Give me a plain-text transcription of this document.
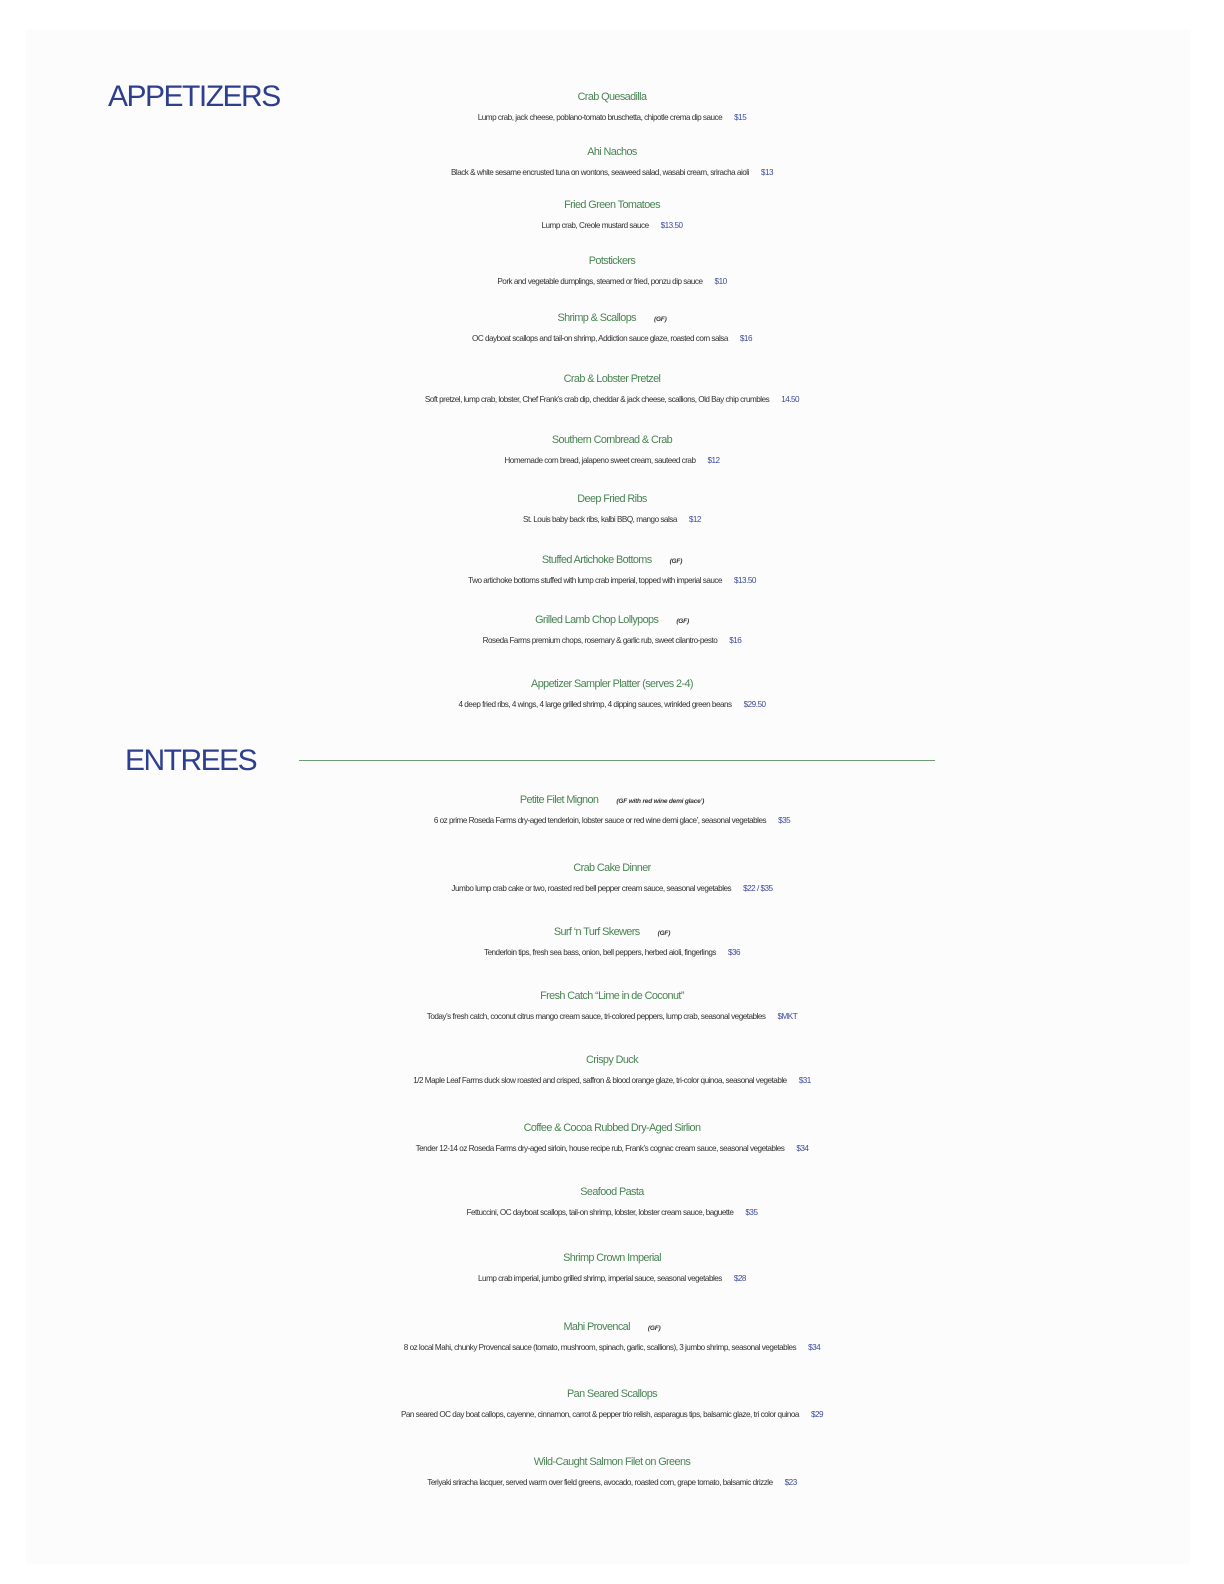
APPETIZERS
ENTREES
Crab Quesadilla
Lump crab, jack cheese, poblano-tomato bruschetta, chipotle crema dip sauce $15
Ahi Nachos
Black & white sesame encrusted tuna on wontons, seaweed salad, wasabi cream, sriracha aioli $13
Fried Green Tomatoes
Lump crab, Creole mustard sauce $13.50
Potstickers
Pork and vegetable dumplings, steamed or fried, ponzu dip sauce $10
Shrimp & Scallops	(GF)
OC dayboat scallops and tail-on shrimp, Addiction sauce glaze, roasted corn salsa $16
Crab & Lobster Pretzel
Soft pretzel, lump crab, lobster, Chef Frank’s crab dip, cheddar & jack cheese, scallions, Old Bay chip crumbles 14.50
Southern Cornbread & Crab
Homemade corn bread, jalapeno sweet cream, sauteed crab $12
Deep Fried Ribs
St. Louis baby back ribs, kalbi BBQ, mango salsa $12
Stuffed Artichoke Bottoms	(GF)
Two artichoke bottoms stuffed with lump crab imperial, topped with imperial sauce $13.50
Grilled Lamb Chop Lollypops	(GF)
Roseda Farms premium chops, rosemary & garlic rub, sweet cilantro-pesto $16
Appetizer Sampler Platter (serves 2-4)
4 deep fried ribs, 4 wings, 4 large grilled shrimp, 4 dipping sauces, wrinkled green beans $29.50
Petite Filet Mignon	(GF with red wine demi glace’)
6 oz prime Roseda Farms dry-aged tenderloin, lobster sauce or red wine demi glace’, seasonal vegetables $35
Crab Cake Dinner
Jumbo lump crab cake or two, roasted red bell pepper cream sauce, seasonal vegetables $22 / $35
Surf ‘n Turf Skewers	(GF)
Tenderloin tips, fresh sea bass, onion, bell peppers, herbed aioli, fingerlings $36
Fresh Catch “Lime in de Coconut”
Today’s fresh catch, coconut citrus mango cream sauce, tri-colored peppers, lump crab, seasonal vegetables $MKT
Crispy Duck
1/2 Maple Leaf Farms duck slow roasted and crisped, saffron & blood orange glaze, tri-color quinoa, seasonal vegetable $31
Coffee & Cocoa Rubbed Dry-Aged Sirlion
Tender 12-14 oz Roseda Farms dry-aged sirloin, house recipe rub, Frank’s cognac cream sauce, seasonal vegetables $34
Seafood Pasta
Fettuccini, OC dayboat scallops, tail-on shrimp, lobster, lobster cream sauce, baguette $35
Shrimp Crown Imperial
Lump crab imperial, jumbo grilled shrimp, imperial sauce, seasonal vegetables $28
Mahi Provencal	(GF)
8 oz local Mahi, chunky Provencal sauce (tomato, mushroom, spinach, garlic, scallions), 3 jumbo shrimp, seasonal vegetables $34
Pan Seared Scallops
Pan seared OC day boat callops, cayenne, cinnamon, carrot & pepper trio relish, asparagus tips, balsamic glaze, tri color quinoa $29
Wild-Caught Salmon Filet on Greens
Teriyaki sriracha lacquer, served warm over field greens, avocado, roasted corn, grape tomato, balsamic drizzle $23
